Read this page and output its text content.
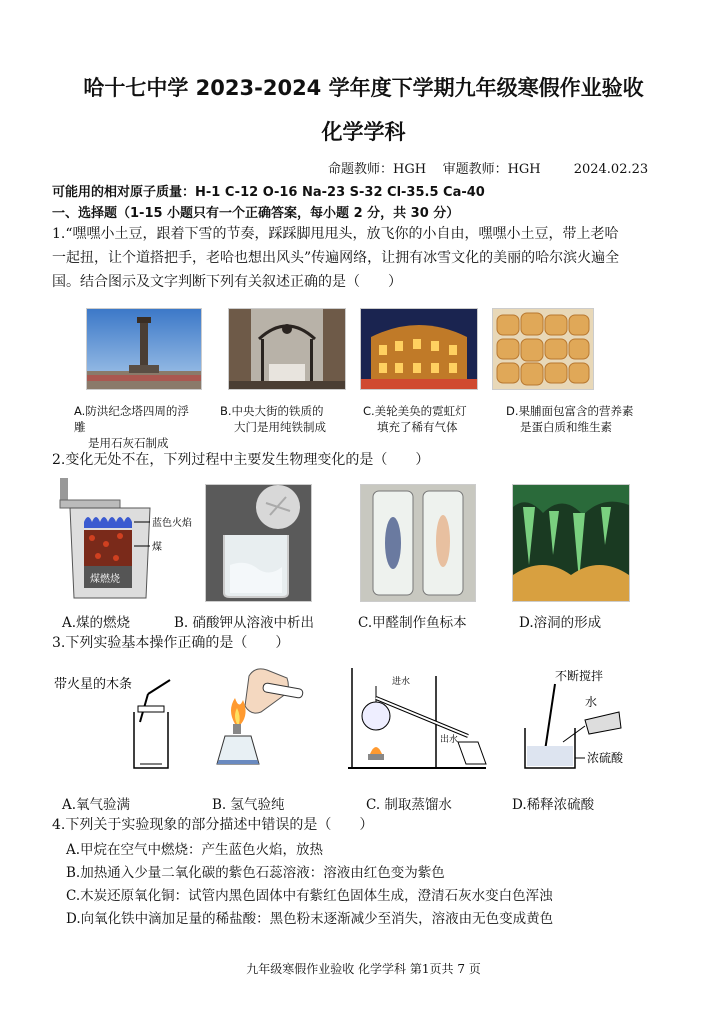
哈十七中学 2023-2024 学年度下学期九年级寒假作业验收
化学学科
命题教师：HGH    审题教师：HGH        2024.02.23
可能用的相对原子质量：H-1 C-12 O-16 Na-23 S-32 Cl-35.5 Ca-40
一、选择题（1-15 小题只有一个正确答案，每小题 2 分，共 30 分）
1.“嘿嘿小土豆，跟着下雪的节奏，踩踩脚甩甩头，放飞你的小自由，嘿嘿小土豆，带上老哈
一起扭，让个道搭把手，老哈也想出风头”传遍网络，让拥有冰雪文化的美丽的哈尔滨火遍全
国。结合图示及文字判断下列有关叙述正确的是（　　）
A.防洪纪念塔四周的浮雕
是用石灰石制成
B.中央大街的铁质的
大门是用纯铁制成
C.美轮美奂的霓虹灯
填充了稀有气体
D.果脯面包富含的营养素
是蛋白质和维生素
2.变化无处不在，下列过程中主要发生物理变化的是（　　）
蓝色火焰
煤
煤燃烧
A.煤的燃烧	B. 硝酸钾从溶液中析出	C.甲醛制作鱼标本	D.溶洞的形成
3.下列实验基本操作正确的是（　　）
带火星的木条	进水
出水
不断搅拌
水
浓硫酸
A.氧气验满	B. 氢气验纯	C. 制取蒸馏水	D.稀释浓硫酸
4.下列关于实验现象的部分描述中错误的是（　　）
A.甲烷在空气中燃烧：产生蓝色火焰，放热
B.加热通入少量二氧化碳的紫色石蕊溶液：溶液由红色变为紫色
C.木炭还原氧化铜：试管内黑色固体中有紫红色固体生成，澄清石灰水变白色浑浊
D.向氧化铁中滴加足量的稀盐酸：黑色粉末逐渐减少至消失，溶液由无色变成黄色
九年级寒假作业验收 化学学科 第1页共 7 页
